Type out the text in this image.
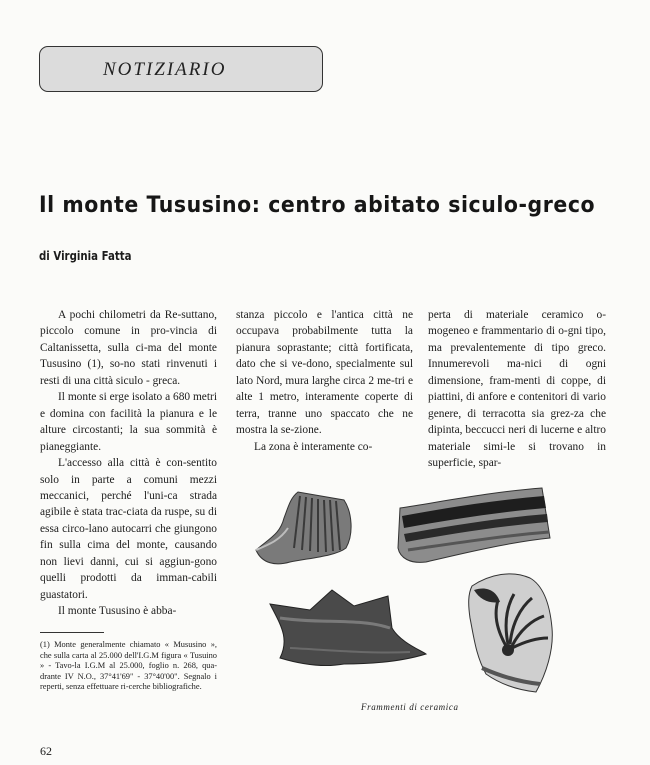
NOTIZIARIO
Il monte Tususino: centro abitato siculo-greco
di Virginia Fatta

A pochi chilometri da Re-suttano, piccolo comune in pro-vincia di Caltanissetta, sulla ci-ma del monte Tususino (1), so-no stati rinvenuti i resti di una città siculo - greca.

Il monte si erge isolato a 680 metri e domina con facilità la pianura e le alture circostanti; la sua sommità è pianeggiante.

L'accesso alla città è con-sentito solo in parte a comuni mezzi meccanici, perché l'uni-ca strada agibile è stata trac-ciata da ruspe, su di essa circo-lano autocarri che giungono fin sulla cima del monte, causando non lievi danni, cui si aggiun-gono quelli prodotti da imman-cabili guastatori.

Il monte Tususino è abba-

stanza piccolo e l'antica città ne occupava probabilmente tutta la pianura soprastante; città fortificata, dato che si ve-dono, specialmente sul lato Nord, mura larghe circa 2 me-tri e alte 1 metro, interamente coperte di terra, tranne uno spaccato che ne mostra la se-zione.

La zona è interamente co-

perta di materiale ceramico o-mogeneo e frammentario di o-gni tipo, ma prevalentemente di tipo greco. Innumerevoli ma-nici di ogni dimensione, fram-menti di coppe, di piattini, di anfore e contenitori di vario genere, di terracotta sia grez-za che dipinta, beccucci neri di lucerne e altro materiale simi-le si trovano in superficie, spar-

(1) Monte generalmente chiamato « Mususino », che sulla carta al 25.000 dell'I.G.M figura « Tusuino » - Tavo-la I.G.M al 25.000, foglio n. 268, qua-drante IV N.O., 37°41'69" - 37°40'00". Segnalo i reperti, senza effettuare ri-cerche bibliografiche.

Frammenti di ceramica
62
